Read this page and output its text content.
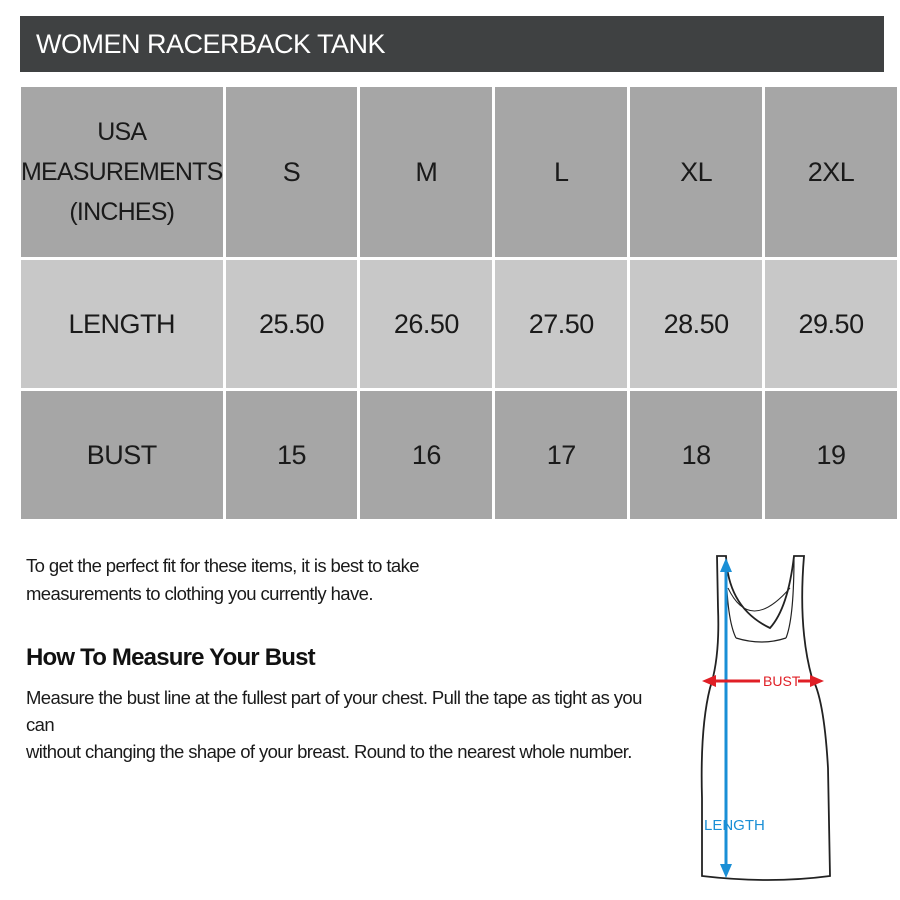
WOMEN RACERBACK TANK
USA
MEASUREMENTS
(INCHES)	S	M	L	XL	2XL
LENGTH	25.50	26.50	27.50	28.50	29.50
BUST	15	16	17	18	19
To get the perfect fit for these items, it is best to take
measurements to clothing you currently have.
How To Measure Your Bust
Measure the bust line at the fullest part of your chest. Pull the tape as tight as you can
without changing the shape of your breast. Round to the nearest whole number.
LENGTH
BUST
